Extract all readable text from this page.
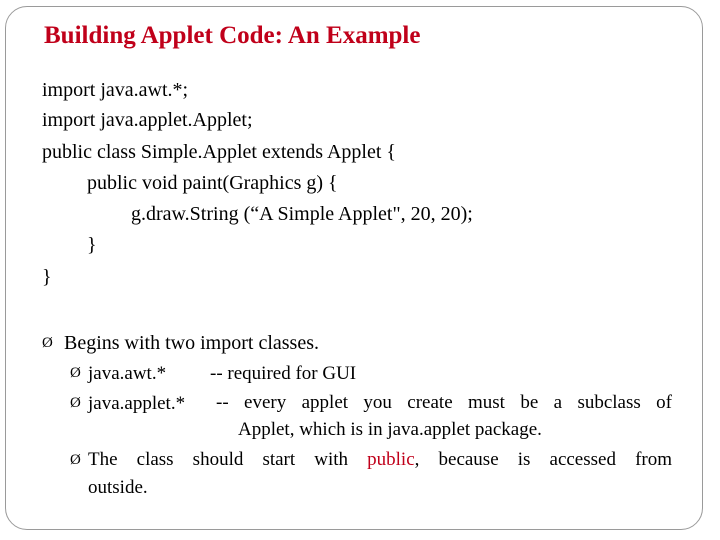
Building Applet Code: An Example
import java.awt.*;
import java.applet.Applet;
public class Simple.Applet extends Applet {
public void paint(Graphics g) {
g.draw.String (“A Simple Applet", 20, 20);
}
}
Ø Begins with two import classes.
Ø java.awt.* -- required for GUI
Ø java.applet.* -- every applet you create must be a subclass of
Applet, which is in java.applet package.
Ø The class should start with public, because is accessed from
outside.
